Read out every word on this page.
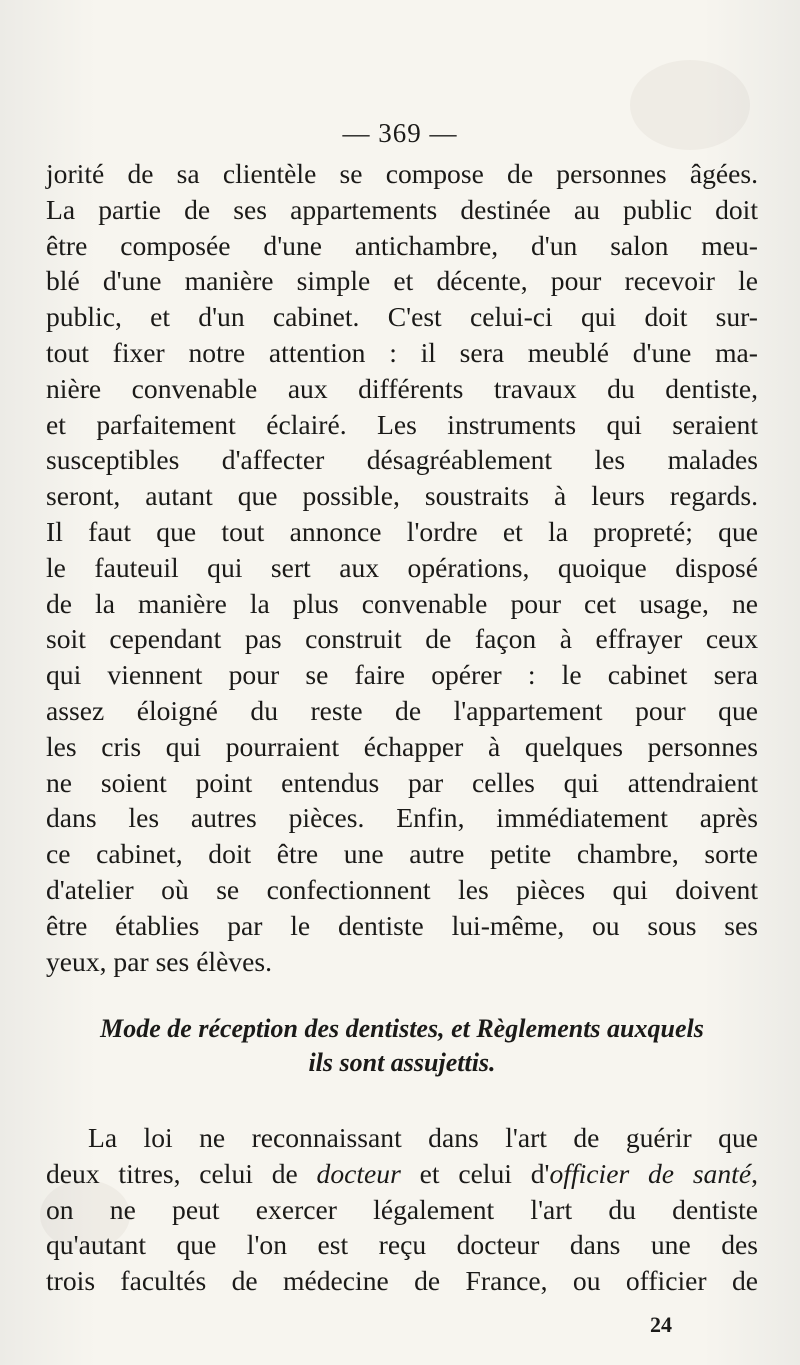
— 369 —
jorité de sa clientèle se compose de personnes âgées.
La partie de ses appartements destinée au public doit
être composée d'une antichambre, d'un salon meu-
blé d'une manière simple et décente, pour recevoir le
public, et d'un cabinet. C'est celui-ci qui doit sur-
tout fixer notre attention : il sera meublé d'une ma-
nière convenable aux différents travaux du dentiste,
et parfaitement éclairé. Les instruments qui seraient
susceptibles d'affecter désagréablement les malades
seront, autant que possible, soustraits à leurs regards.
Il faut que tout annonce l'ordre et la propreté; que
le fauteuil qui sert aux opérations, quoique disposé
de la manière la plus convenable pour cet usage, ne
soit cependant pas construit de façon à effrayer ceux
qui viennent pour se faire opérer : le cabinet sera
assez éloigné du reste de l'appartement pour que
les cris qui pourraient échapper à quelques personnes
ne soient point entendus par celles qui attendraient
dans les autres pièces. Enfin, immédiatement après
ce cabinet, doit être une autre petite chambre, sorte
d'atelier où se confectionnent les pièces qui doivent
être établies par le dentiste lui-même, ou sous ses
yeux, par ses élèves.
Mode de réception des dentistes, et Règlements auxquels
ils sont assujettis.
La loi ne reconnaissant dans l'art de guérir que
deux titres, celui de docteur et celui d'officier de santé,
on ne peut exercer légalement l'art du dentiste
qu'autant que l'on est reçu docteur dans une des
trois facultés de médecine de France, ou officier de
24
